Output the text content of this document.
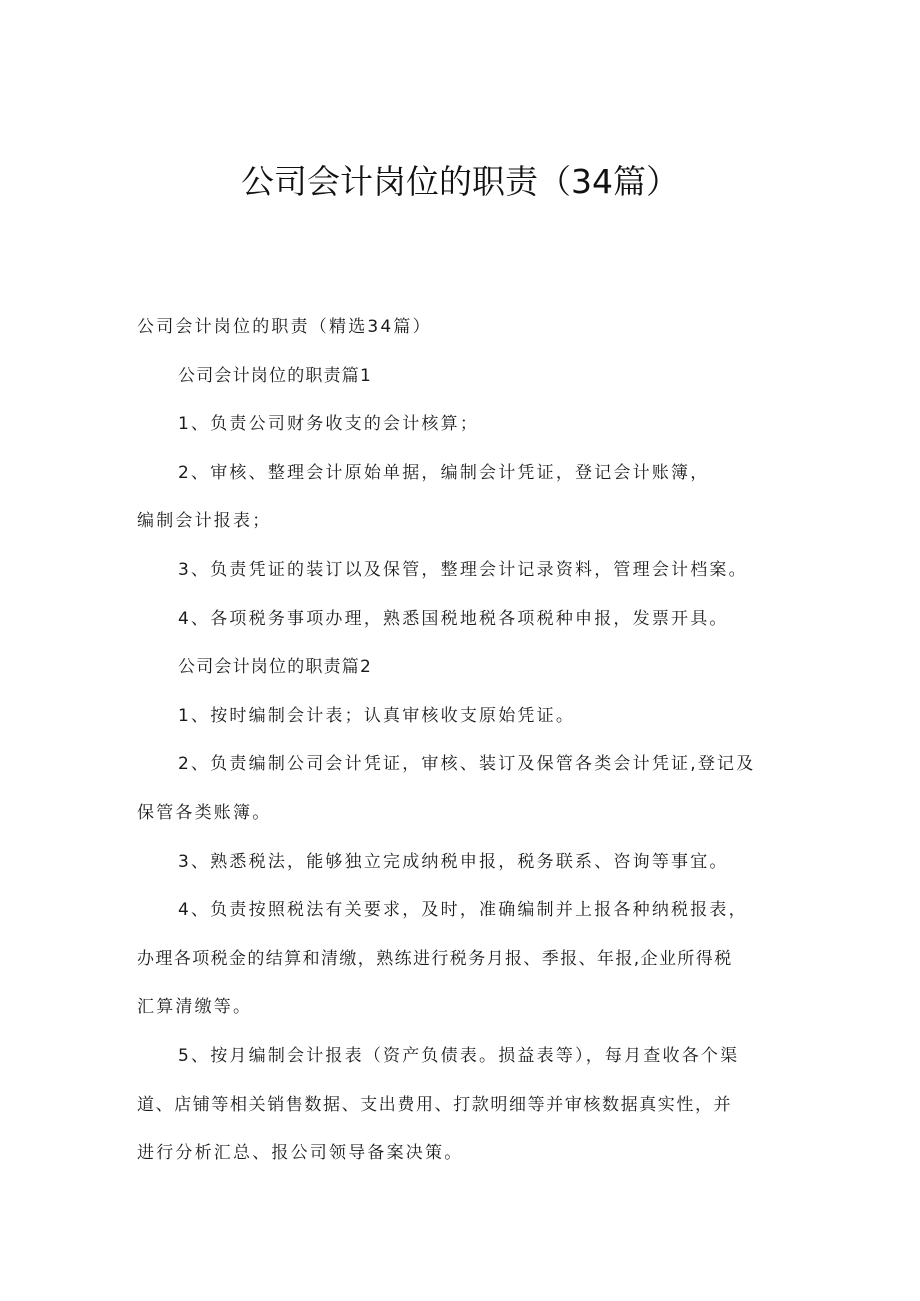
公司会计岗位的职责（34篇）
公司会计岗位的职责（精选34篇）
公司会计岗位的职责篇1
1、负责公司财务收支的会计核算；
2、审核、整理会计原始单据，编制会计凭证，登记会计账簿，
编制会计报表；
3、负责凭证的装订以及保管，整理会计记录资料，管理会计档案。
4、各项税务事项办理，熟悉国税地税各项税种申报，发票开具。
公司会计岗位的职责篇2
1、按时编制会计表；认真审核收支原始凭证。
2、负责编制公司会计凭证，审核、装订及保管各类会计凭证,登记及
保管各类账簿。
3、熟悉税法，能够独立完成纳税申报，税务联系、咨询等事宜。
4、负责按照税法有关要求，及时，准确编制并上报各种纳税报表，
办理各项税金的结算和清缴，熟练进行税务月报、季报、年报,企业所得税
汇算清缴等。
5、按月编制会计报表（资产负债表。损益表等），每月查收各个渠
道、店铺等相关销售数据、支出费用、打款明细等并审核数据真实性，并
进行分析汇总、报公司领导备案决策。
